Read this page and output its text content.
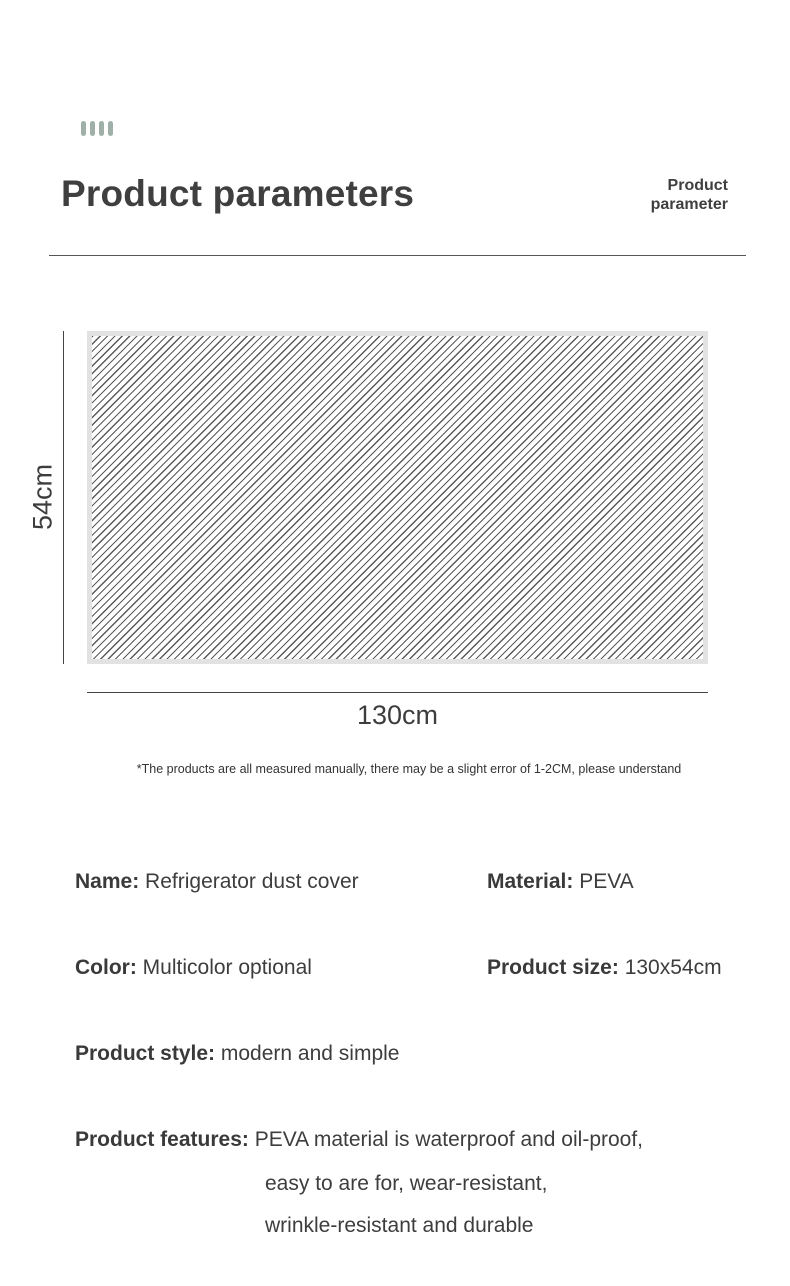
Product parameters	Product
parameter
54cm
130cm
*The products are all measured manually, there may be a slight error of 1-2CM, please understand
Name: Refrigerator dust cover	Material: PEVA
Color: Multicolor optional	Product size: 130x54cm
Product style: modern and simple
Product features: PEVA material is waterproof and oil-proof,
easy to are for, wear-resistant,
wrinkle-resistant and durable
